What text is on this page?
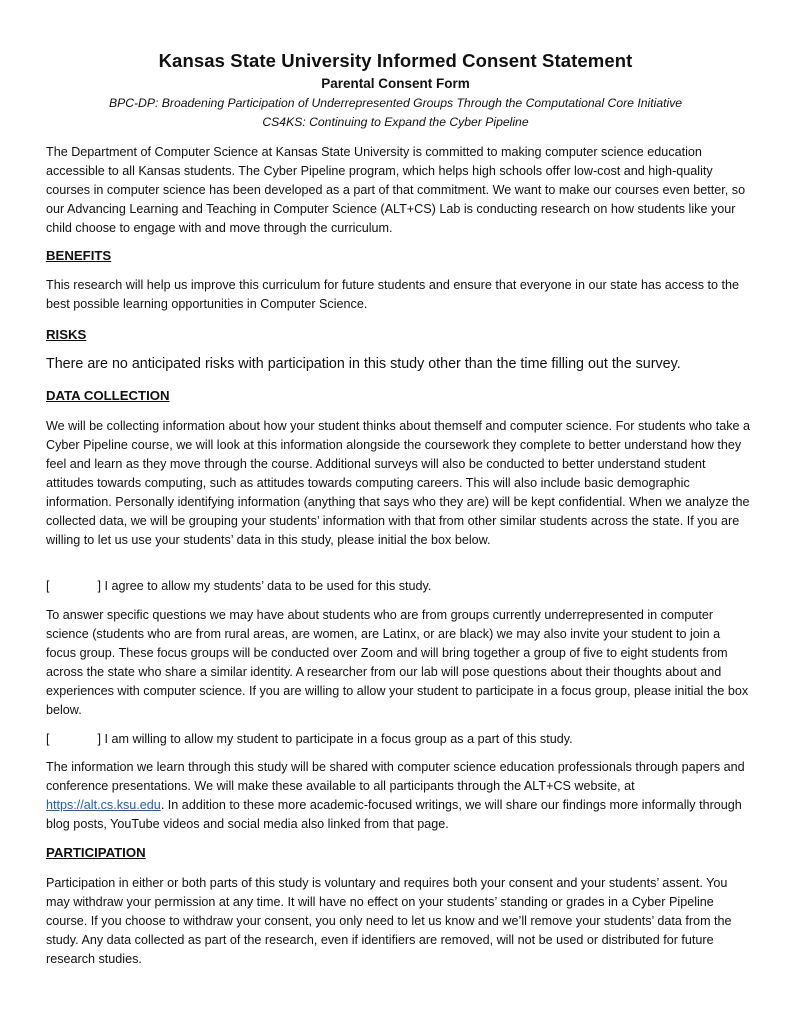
Kansas State University Informed Consent Statement
Parental Consent Form
BPC-DP: Broadening Participation of Underrepresented Groups Through the Computational Core Initiative
CS4KS: Continuing to Expand the Cyber Pipeline
The Department of Computer Science at Kansas State University is committed to making computer science education accessible to all Kansas students. The Cyber Pipeline program, which helps high schools offer low-cost and high-quality courses in computer science has been developed as a part of that commitment. We want to make our courses even better, so our Advancing Learning and Teaching in Computer Science (ALT+CS) Lab is conducting research on how students like your child choose to engage with and move through the curriculum.
BENEFITS
This research will help us improve this curriculum for future students and ensure that everyone in our state has access to the best possible learning opportunities in Computer Science.
RISKS
There are no anticipated risks with participation in this study other than the time filling out the survey.
DATA COLLECTION
We will be collecting information about how your student thinks about themself and computer science. For students who take a Cyber Pipeline course, we will look at this information alongside the coursework they complete to better understand how they feel and learn as they move through the course. Additional surveys will also be conducted to better understand student attitudes towards computing, such as attitudes towards computing careers. This will also include basic demographic information. Personally identifying information (anything that says who they are) will be kept confidential. When we analyze the collected data, we will be grouping your students’ information with that from other similar students across the state. If you are willing to let us use your students’ data in this study, please initial the box below.
[	] I agree to allow my students’ data to be used for this study.
To answer specific questions we may have about students who are from groups currently underrepresented in computer science (students who are from rural areas, are women, are Latinx, or are black) we may also invite your student to join a focus group. These focus groups will be conducted over Zoom and will bring together a group of five to eight students from across the state who share a similar identity. A researcher from our lab will pose questions about their thoughts about and experiences with computer science. If you are willing to allow your student to participate in a focus group, please initial the box below.
[	] I am willing to allow my student to participate in a focus group as a part of this study.
The information we learn through this study will be shared with computer science education professionals through papers and conference presentations. We will make these available to all participants through the ALT+CS website, at https://alt.cs.ksu.edu. In addition to these more academic-focused writings, we will share our findings more informally through blog posts, YouTube videos and social media also linked from that page.
PARTICIPATION
Participation in either or both parts of this study is voluntary and requires both your consent and your students’ assent. You may withdraw your permission at any time. It will have no effect on your students’ standing or grades in a Cyber Pipeline course. If you choose to withdraw your consent, you only need to let us know and we’ll remove your students’ data from the study. Any data collected as part of the research, even if identifiers are removed, will not be used or distributed for future research studies.
